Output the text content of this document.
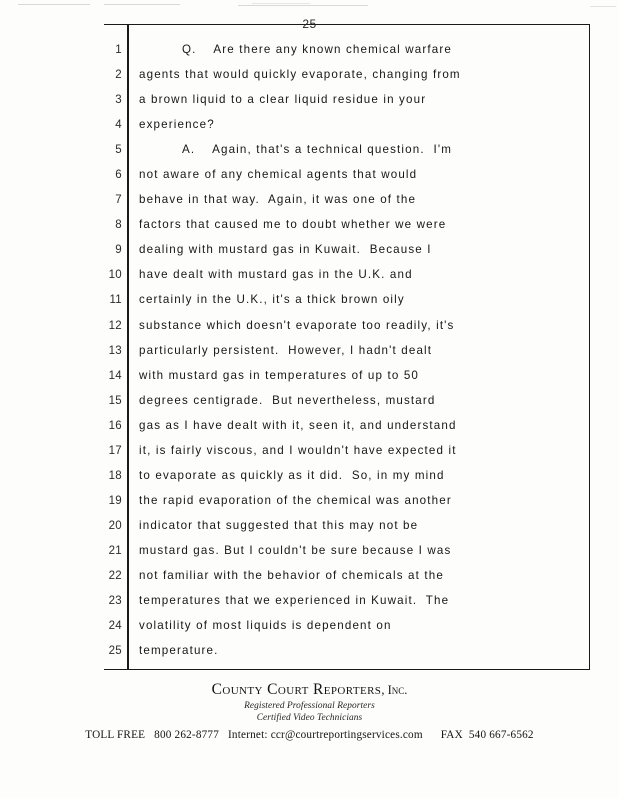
25
1	Q.    Are there any known chemical warfare
2 agents that would quickly evaporate, changing from
3 a brown liquid to a clear liquid residue in your
4 experience?
5	A.    Again, that's a technical question.  I'm
6 not aware of any chemical agents that would
7 behave in that way.  Again, it was one of the
8 factors that caused me to doubt whether we were
9 dealing with mustard gas in Kuwait.  Because I
10 have dealt with mustard gas in the U.K. and
11 certainly in the U.K., it's a thick brown oily
12 substance which doesn't evaporate too readily, it's
13 particularly persistent.  However, I hadn't dealt
14 with mustard gas in temperatures of up to 50
15 degrees centigrade.  But nevertheless, mustard
16 gas as I have dealt with it, seen it, and understand
17 it, is fairly viscous, and I wouldn't have expected it
18 to evaporate as quickly as it did.  So, in my mind
19 the rapid evaporation of the chemical was another
20 indicator that suggested that this may not be
21 mustard gas. But I couldn't be sure because I was
22 not familiar with the behavior of chemicals at the
23 temperatures that we experienced in Kuwait.  The
24 volatility of most liquids is dependent on
25 temperature.
County Court Reporters, Inc.
Registered Professional Reporters
Certified Video Technicians
TOLL FREE   800 262-8777   Internet: ccr@courtreportingservices.com      FAX  540 667-6562
